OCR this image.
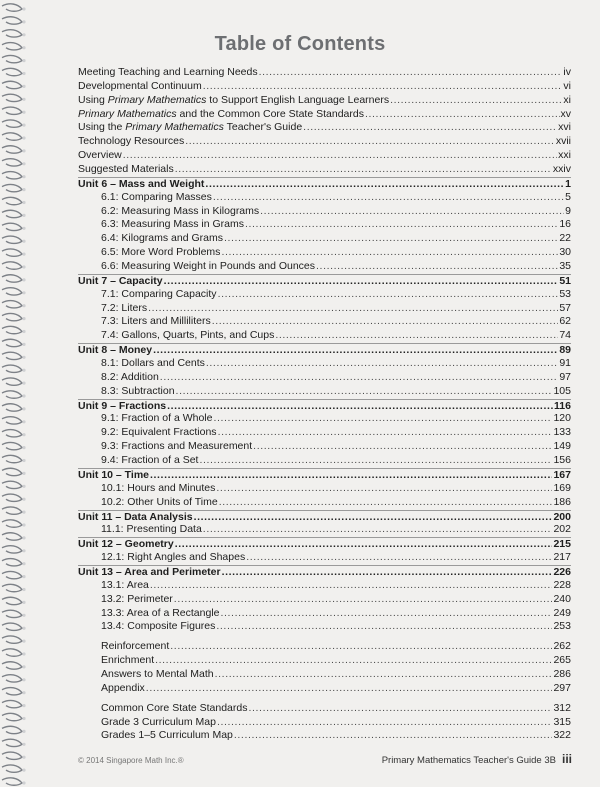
Table of Contents
Meeting Teaching and Learning Needs .....	iv
Developmental Continuum .....	vi
Using Primary Mathematics to Support English Language Learners .....	xi
Primary Mathematics and the Common Core State Standards .....	xv
Using the Primary Mathematics Teacher's Guide .....	xvi
Technology Resources .....	xvii
Overview .....	xxi
Suggested Materials .....	xxiv
Unit 6 – Mass and Weight .....	1
6.1: Comparing Masses .....	5
6.2: Measuring Mass in Kilograms .....	9
6.3: Measuring Mass in Grams .....	16
6.4: Kilograms and Grams .....	22
6.5: More Word Problems .....	30
6.6: Measuring Weight in Pounds and Ounces .....	35
Unit 7 – Capacity .....	51
7.1: Comparing Capacity .....	53
7.2: Liters .....	57
7.3: Liters and Milliliters .....	62
7.4: Gallons, Quarts, Pints, and Cups .....	74
Unit 8 – Money .....	89
8.1: Dollars and Cents .....	91
8.2: Addition .....	97
8.3: Subtraction .....	105
Unit 9 – Fractions .....	116
9.1: Fraction of a Whole .....	120
9.2: Equivalent Fractions .....	133
9.3: Fractions and Measurement .....	149
9.4: Fraction of a Set .....	156
Unit 10 – Time .....	167
10.1: Hours and Minutes .....	169
10.2: Other Units of Time .....	186
Unit 11 – Data Analysis .....	200
11.1: Presenting Data .....	202
Unit 12 – Geometry .....	215
12.1: Right Angles and Shapes .....	217
Unit 13 – Area and Perimeter .....	226
13.1: Area .....	228
13.2: Perimeter .....	240
13.3: Area of a Rectangle .....	249
13.4: Composite Figures .....	253
Reinforcement .....	262
Enrichment .....	265
Answers to Mental Math .....	286
Appendix .....	297
Common Core State Standards .....	312
Grade 3 Curriculum Map .....	315
Grades 1–5 Curriculum Map .....	322
© 2014 Singapore Math Inc.®	Primary Mathematics Teacher's Guide 3B iii
